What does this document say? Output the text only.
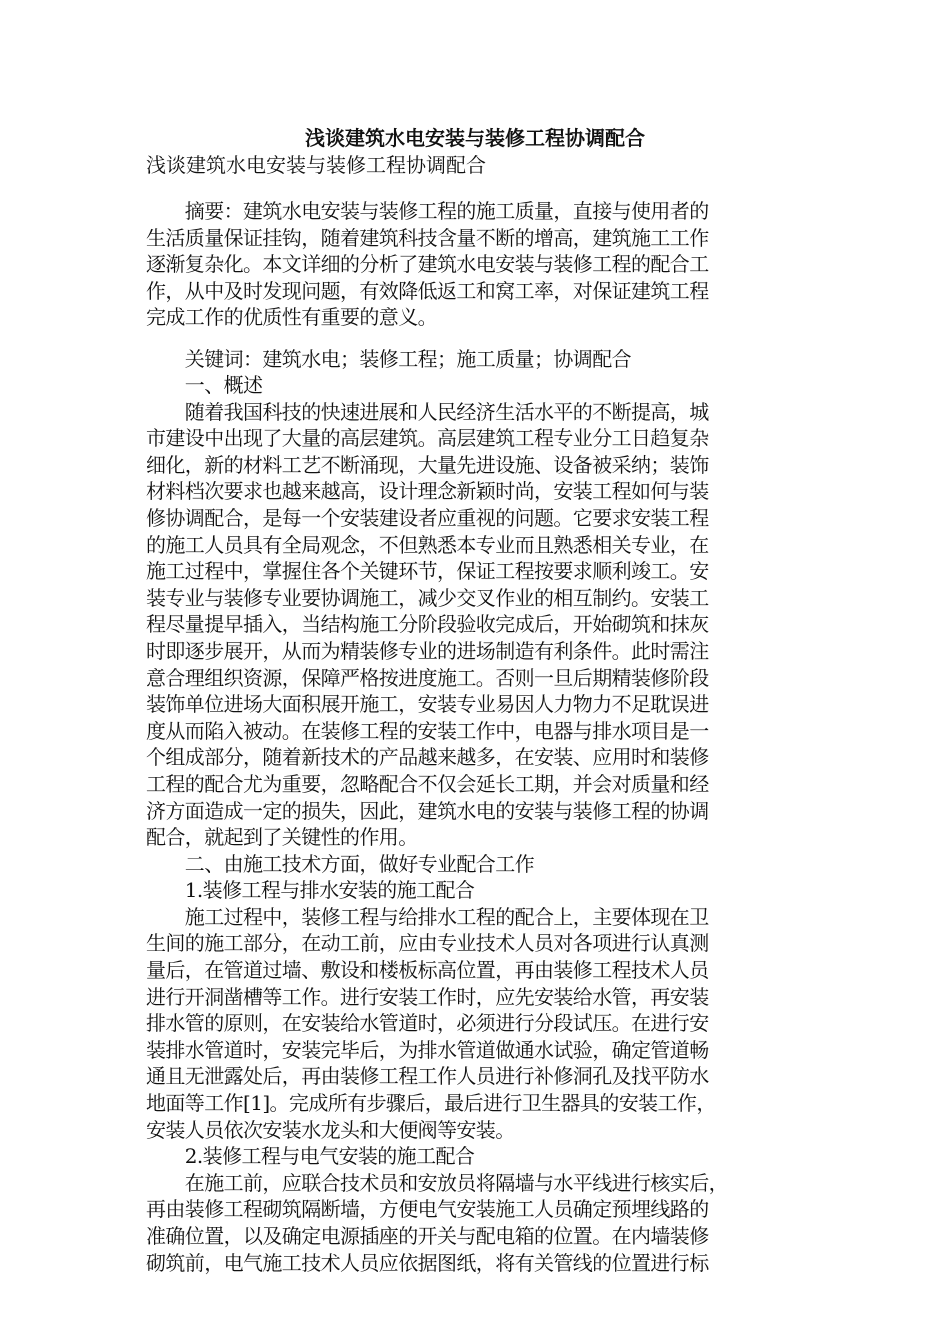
浅谈建筑水电安装与装修工程协调配合
浅谈建筑水电安装与装修工程协调配合
　　摘要：建筑水电安装与装修工程的施工质量，直接与使用者的
生活质量保证挂钩，随着建筑科技含量不断的增高，建筑施工工作
逐渐复杂化。本文详细的分析了建筑水电安装与装修工程的配合工
作，从中及时发现问题，有效降低返工和窝工率，对保证建筑工程
完成工作的优质性有重要的意义。
　　关键词：建筑水电；装修工程；施工质量；协调配合
　　一、概述
　　随着我国科技的快速进展和人民经济生活水平的不断提高，城
市建设中出现了大量的高层建筑。高层建筑工程专业分工日趋复杂
细化，新的材料工艺不断涌现，大量先进设施、设备被采纳；装饰
材料档次要求也越来越高，设计理念新颖时尚，安装工程如何与装
修协调配合，是每一个安装建设者应重视的问题。它要求安装工程
的施工人员具有全局观念，不但熟悉本专业而且熟悉相关专业，在
施工过程中，掌握住各个关键环节，保证工程按要求顺利竣工。安
装专业与装修专业要协调施工，减少交叉作业的相互制约。安装工
程尽量提早插入，当结构施工分阶段验收完成后，开始砌筑和抹灰
时即逐步展开，从而为精装修专业的进场制造有利条件。此时需注
意合理组织资源，保障严格按进度施工。否则一旦后期精装修阶段
装饰单位进场大面积展开施工，安装专业易因人力物力不足耽误进
度从而陷入被动。在装修工程的安装工作中，电器与排水项目是一
个组成部分，随着新技术的产品越来越多，在安装、应用时和装修
工程的配合尤为重要，忽略配合不仅会延长工期，并会对质量和经
济方面造成一定的损失，因此，建筑水电的安装与装修工程的协调
配合，就起到了关键性的作用。
　　二、由施工技术方面，做好专业配合工作
　　1.装修工程与排水安装的施工配合
　　施工过程中，装修工程与给排水工程的配合上，主要体现在卫
生间的施工部分，在动工前，应由专业技术人员对各项进行认真测
量后，在管道过墙、敷设和楼板标高位置，再由装修工程技术人员
进行开洞凿槽等工作。进行安装工作时，应先安装给水管，再安装
排水管的原则，在安装给水管道时，必须进行分段试压。在进行安
装排水管道时，安装完毕后，为排水管道做通水试验，确定管道畅
通且无泄露处后，再由装修工程工作人员进行补修洞孔及找平防水
地面等工作[1]。完成所有步骤后，最后进行卫生器具的安装工作，
安装人员依次安装水龙头和大便阀等安装。
　　2.装修工程与电气安装的施工配合
　　在施工前，应联合技术员和安放员将隔墙与水平线进行核实后，
再由装修工程砌筑隔断墙，方便电气安装施工人员确定预埋线路的
准确位置，以及确定电源插座的开关与配电箱的位置。在内墙装修
砌筑前，电气施工技术人员应依据图纸，将有关管线的位置进行标
